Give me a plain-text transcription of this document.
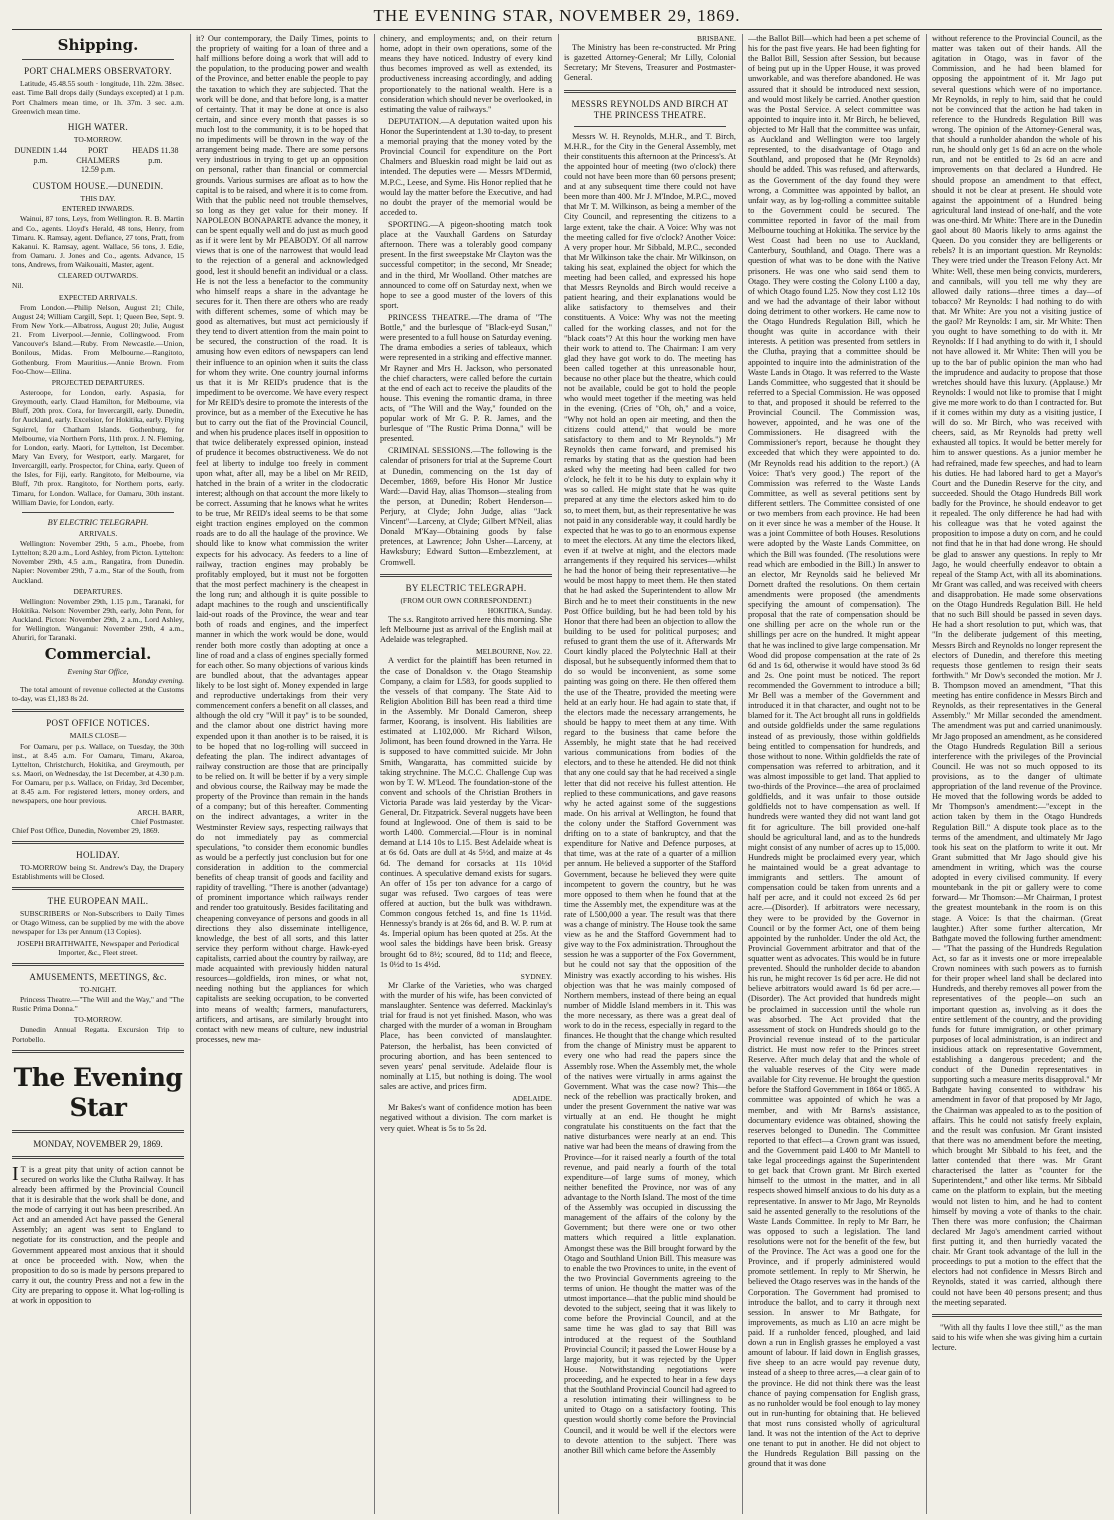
THE EVENING STAR, NOVEMBER 29, 1869.
Shipping.
PORT CHALMERS OBSERVATORY.

Latitude, 45.48.55 south · longitude, 11h. 22m. 38sec. east. Time Ball drops daily (Sundays excepted) at 1 p.m. Port Chalmers mean time, or 1h. 37m. 3 sec. a.m. Greenwich mean time.

HIGH WATER.
TO-MORROW.
DUNEDIN 1.44 p.m.
PORT CHALMERS 12.59 p.m.
HEADS 11.38 p.m.
CUSTOM HOUSE.—DUNEDIN.
THIS DAY.
ENTERED INWARDS.

Wainui, 87 tons, Leys, from Wellington. R. B. Martin and Co., agents. Lloyd's Herald, 48 tons, Henry, from Timaru. K. Ramsay, agent. Defiance, 27 tons, Pratt, from Kakanui. K. Ramsay, agent. Wallace, 56 tons, J. Edie, from Oamaru. J. Jones and Co., agents. Advance, 15 tons, Andrews, from Waikouaiti, Master, agent.

CLEARED OUTWARDS.

Nil.

EXPECTED ARRIVALS.

From London.—Philip Nelson, August 21; Chile, August 24; William Cargill, Sept. 1; Queen Bee, Sept. 9. From New York.—Albatross, August 20; Julie, August 21. From Liverpool.—Jennie, Collingwood. From Vancouver's Island.—Ruby. From Newcastle.—Union, Bonilous, Midas. From Melbourne.—Rangitoto, Gothenburg. From Mauritius.—Annie Brown. From Foo-Chow—Ellina.

PROJECTED DEPARTURES.

Asteroope, for London, early. Aspasia, for Greymouth, early. Claud Hamilton, for Melbourne, via Bluff, 20th prox. Cora, for Invercargill, early. Dunedin, for Auckland, early. Excelsior, for Hokitika, early. Flying Squirrel, for Chatham Islands. Gothenburg, for Melbourne, via Northern Ports, 11th prox. J. N. Fleming, for London, early. Maori, for Lyttelton, 1st December. Mary Van Every, for Westport, early. Margaret, for Invercargill, early. Prospector, for China, early. Queen of the Isles, for Fiji, early. Rangitoto, for Melbourne, via Bluff, 7th prox. Rangitoto, for Northern ports, early. Timaru, for London. Wallace, for Oamaru, 30th instant. William Davie, for London, early.

BY ELECTRIC TELEGRAPH.
ARRIVALS.

Wellington: November 29th, 5 a.m., Phoebe, from Lyttelton; 8.20 a.m., Lord Ashley, from Picton. Lyttelton: November 29th, 4.5 a.m., Rangatira, from Dunedin. Napier: November 29th, 7 a.m., Star of the South, from Auckland.

DEPARTURES.

Wellington: November 29th, 1.15 p.m., Taranaki, for Hokitika. Nelson: November 29th, early, John Penn, for Auckland. Picton: November 29th, 2 a.m., Lord Ashley, for Wellington. Wanganui: November 29th, 4 a.m., Ahuriri, for Taranaki.

Commercial.
Evening Star Office,
Monday evening.

The total amount of revenue collected at the Customs to-day, was £1,183 8s 2d.

POST OFFICE NOTICES.
MAILS CLOSE—

For Oamaru, per p.s. Wallace, on Tuesday, the 30th inst., at 8.45 a.m. For Oamaru, Timaru, Akaroa, Lyttelton, Christchurch, Hokitika, and Greymouth, per s.s. Maori, on Wednesday, the 1st December, at 4.30 p.m. For Oamaru, per p.s. Wallace, on Friday, 3rd December, at 8.45 a.m. For registered letters, money orders, and newspapers, one hour previous.

ARCH. BARR,
Chief Postmaster.
Chief Post Office, Dunedin, November 29, 1869.
HOLIDAY.

TO-MORROW being St. Andrew's Day, the Drapery Establishments will be Closed.

THE EUROPEAN MAIL.

SUBSCRIBERS or Non-Subscribers to Daily Times or Otago Witness, can be supplied by me with the above newspaper for 13s per Annum (13 Copies).

JOSEPH BRAITHWAITE, Newspaper and Periodical Importer, &c., Fleet street.
AMUSEMENTS, MEETINGS, &c.
TO-NIGHT.

Princess Theatre.—"The Will and the Way," and "The Rustic Prima Donna."

TO-MORROW.

Dunedin Annual Regatta. Excursion Trip to Portobello.

The Evening Star
MONDAY, NOVEMBER 29, 1869.

IT is a great pity that unity of action cannot be secured on works like the Clutha Railway. It has already been affirmed by the Provincial Council that it is desirable that the work shall be done, and the mode of carrying it out has been prescribed. An Act and an amended Act have passed the General Assembly; an agent was sent to England to negotiate for its construction, and the people and Government appeared most anxious that it should at once be proceeded with. Now, when the proposition to do so is made by persons prepared to carry it out, the country Press and not a few in the City are preparing to oppose it. What log-rolling is at work in opposition to

it? Our contemporary, the Daily Times, points to the propriety of waiting for a loan of three and a half millions before doing a work that will add to the population, to the producing power and wealth of the Province, and better enable the people to pay the taxation to which they are subjected. That the work will be done, and that before long, is a matter of certainty. That it may be done at once is also certain, and since every month that passes is so much lost to the community, it is to be hoped that no impediments will be thrown in the way of the arrangement being made. There are some persons very industrious in trying to get up an opposition on personal, rather than financial or commercial grounds. Various surmises are afloat as to how the capital is to be raised, and where it is to come from. With that the public need not trouble themselves, so long as they get value for their money. If NAPOLEON BONAPARTE advance the money, it can be spent equally well and do just as much good as if it were lent by Mr PEABODY. Of all narrow views that is one of the narrowest that would lead to the rejection of a general and acknowledged good, lest it should benefit an individual or a class. He is not the less a benefactor to the community who himself reaps a share in the advantage he secures for it. Then there are others who are ready with different schemes, some of which may be good as alternatives, but must act perniciously if they tend to divert attention from the main point to be secured, the construction of the road. It is amusing how even editors of newspapers can lend their influence to an opinion when it suits the class for whom they write. One country journal informs us that it is Mr REID's prudence that is the impediment to be overcome. We have every respect for Mr REID's desire to promote the interests of the province, but as a member of the Executive he has but to carry out the fiat of the Provincial Council, and when his prudence places itself in opposition to that twice deliberately expressed opinion, instead of prudence it becomes obstructiveness. We do not feel at liberty to indulge too freely in comment upon what, after all, may be a libel on Mr REID, hatched in the brain of a writer in the clodocratic interest; although on that account the more likely to be correct. Assuming that he knows what he writes to be true, Mr REID's ideal seems to be that some eight traction engines employed on the common roads are to do all the haulage of the province. We should like to know what commission the writer expects for his advocacy. As feeders to a line of railway, traction engines may probably be profitably employed, but it must not be forgotten that the most perfect machinery is the cheapest in the long run; and although it is quite possible to adapt machines to the rough and unscientifically laid-out roads of the Province, the wear and tear both of roads and engines, and the imperfect manner in which the work would be done, would render both more costly than adopting at once a line of road and a class of engines specially formed for each other. So many objections of various kinds are bundled about, that the advantages appear likely to be lost sight of. Money expended in large and reproductive undertakings from their very commencement confers a benefit on all classes, and although the old cry "Will it pay" is to be sounded, and the clamor about one district having more expended upon it than another is to be raised, it is to be hoped that no log-rolling will succeed in defeating the plan. The indirect advantages of railway construction are those that are principally to be relied on. It will be better if by a very simple and obvious course, the Railway may be made the property of the Province than remain in the hands of a company; but of this hereafter. Commenting on the indirect advantages, a writer in the Westminster Review says, respecting railways that do not immediately pay as commercial speculations, "to consider them economic bundles as would be a perfectly just conclusion but for one consideration in addition to the commercial benefits of cheap transit of goods and facility and rapidity of travelling. "There is another (advantage) of prominent importance which railways render and render too gratuitously. Besides facilitating and cheapening conveyance of persons and goods in all directions they also disseminate intelligence, knowledge, the best of all sorts, and this latter service they perform without charge. Hawk-eyed capitalists, carried about the country by railway, are made acquainted with previously hidden natural resources—goldfields, iron mines, or what not, needing nothing but the appliances for which capitalists are seeking occupation, to be converted into means of wealth; farmers, manufacturers, artificers, and artisans, are similarly brought into contact with new means of culture, new industrial processes, new ma-

chinery, and employments; and, on their return home, adopt in their own operations, some of the means they have noticed. Industry of every kind thus becomes improved as well as extended, its productiveness increasing accordingly, and adding proportionately to the national wealth. Here is a consideration which should never be overlooked, in estimating the value of railways."

DEPUTATION.—A deputation waited upon his Honor the Superintendent at 1.30 to-day, to present a memorial praying that the money voted by the Provincial Council for expenditure on the Port Chalmers and Blueskin road might be laid out as intended. The deputies were — Messrs M'Dermid, M.P.C., Leese, and Syme. His Honor replied that he would lay the matter before the Executive, and had no doubt the prayer of the memorial would be acceded to.

SPORTING.—A pigeon-shooting match took place at the Vauxhall Gardens on Saturday afternoon. There was a tolerably good company present. In the first sweepstake Mr Clayton was the successful competitor; in the second, Mr Sneade; and in the third, Mr Woolland. Other matches are announced to come off on Saturday next, when we hope to see a good muster of the lovers of this sport.

PRINCESS THEATRE.—The drama of "The Bottle," and the burlesque of "Black-eyd Susan," were presented to a full house on Saturday evening. The drama embodies a series of tableaux, which were represented in a striking and effective manner. Mr Rayner and Mrs H. Jackson, who personated the chief characters, were called before the curtain at the end of each act to receive the plaudits of the house. This evening the romantic drama, in three acts, of "The Will and the Way," founded on the popular work of Mr G. P. R. James, and the burlesque of "The Rustic Prima Donna," will be presented.

CRIMINAL SESSIONS.—The following is the calendar of prisoners for trial at the Supreme Court at Dunedin, commencing on the 1st day of December, 1869, before His Honor Mr Justice Ward:—David Hay, alias Thomson—stealing from the person, at Dunedin; Robert Henderson—Perjury, at Clyde; John Judge, alias "Jack Vincent"—Larceny, at Clyde; Gilbert M'Neil, alias Donald M'Kay—Obtaining goods by false pretences, at Lawrence; John Usher—Larceny, at Hawksbury; Edward Sutton—Embezzlement, at Cromwell.

BY ELECTRIC TELEGRAPH.
(FROM OUR OWN CORRESPONDENT.)
HOKITIKA, Sunday.

The s.s. Rangitoto arrived here this morning. She left Melbourne just as arrival of the English mail at Adelaide was telegraphed.

MELBOURNE, Nov. 22.

A verdict for the plaintiff has been returned in the case of Donaldson v. the Otago Steamship Company, a claim for L583, for goods supplied to the vessels of that company. The State Aid to Religion Abolition Bill has been read a third time in the Assembly. Mr Donald Cameron, sheep farmer, Koorang, is insolvent. His liabilities are estimated at L102,000. Mr Richard Wilson, Jolimont, has been found drowned in the Yarra. He is supposed to have committed suicide. Mr John Smith, Wangaratta, has committed suicide by taking strychnine. The M.C.C. Challenge Cup was won by T. W. M'Leod. The foundation-stone of the convent and schools of the Christian Brothers in Victoria Parade was laid yesterday by the Vicar-General, Dr. Fitzpatrick. Several nuggets have been found at Inglewood. One of them is said to be worth L400. Commercial.—Flour is in nominal demand at L14 10s to L15. Best Adelaide wheat is at 6s 6d. Oats are dull at 4s 5½d, and maize at 4s 6d. The demand for corsacks at 11s 10½d continues. A speculative demand exists for sugars. An offer of 15s per ton advance for a cargo of sugar was refused. Two cargoes of teas were offered at auction, but the bulk was withdrawn. Common congous fetched 1s, and fine 1s 11½d. Hennessy's brandy is at 26s 6d, and B. W. P. rum at 4s. Imperial opium has been quoted at 25s. At the wool sales the biddings have been brisk. Greasy brought 6d to 8½; scoured, 8d to 11d; and fleece, 1s 0½d to 1s 4½d.

SYDNEY.

Mr Clarke of the Varieties, who was charged with the murder of his wife, has been convicted of manslaughter. Sentence was deferred. Mackinlay's trial for fraud is not yet finished. Mason, who was charged with the murder of a woman in Brougham Place, has been convicted of manslaughter. Paterson, the herbalist, has been convicted of procuring abortion, and has been sentenced to seven years' penal servitude. Adelaide flour is nominally at L15, but nothing is doing. The wool sales are active, and prices firm.

ADELAIDE.

Mr Bakes's want of confidence motion has been negatived without a division. The corn market is very quiet. Wheat is 5s to 5s 2d.

BRISBANE.

The Ministry has been re-constructed. Mr Pring is gazetted Attorney-General; Mr Lilly, Colonial Secretary; Mr Stevens, Treasurer and Postmaster-General.

MESSRS REYNOLDS AND BIRCH AT THE PRINCESS THEATRE.

Messrs W. H. Reynolds, M.H.R., and T. Birch, M.H.R., for the City in the General Assembly, met their constituents this afternoon at the Princess's. At the appointed hour of meeting (two o'clock) there could not have been more than 60 persons present; and at any subsequent time there could not have been more than 400. Mr J. M'Indoe, M.P.C., moved that Mr T. M. Wilkinson, as being a member of the City Council, and representing the citizens to a large extent, take the chair. A Voice: Why was not the meeting called for five o'clock? Another Voice: A very proper hour. Mr Sibbald, M.P.C., seconded that Mr Wilkinson take the chair. Mr Wilkinson, on taking his seat, explained the object for which the meeting had been called, and expressed his hope that Messrs Reynolds and Birch would receive a patient hearing, and their explanations would be alike satisfactory to themselves and their constituents. A Voice: Why was not the meeting called for the working classes, and not for the "black coats"? At this hour the working men have their work to attend to. The Chairman: I am very glad they have got work to do. The meeting has been called together at this unreasonable hour, because no other place but the theatre, which could not be available, could be got to hold the people who would meet together if the meeting was held in the evening. (Cries of "Oh, oh," and a voice, "Why not hold an open air meeting, and then the citizens could attend," that would be more satisfactory to them and to Mr Reynolds.") Mr Reynolds then came forward, and premised his remarks by stating that as the question had been asked why the meeting had been called for two o'clock, he felt it to be his duty to explain why it was so called. He might state that he was quite prepared at any time the electors asked him to do so, to meet them, but, as their representative he was not paid in any considerable way, it could hardly be expected that he was to go to an enormous expense to meet the electors. At any time the electors liked, even if at twelve at night, and the electors made arrangements if they required his services—whilst he had the honor of being their representative—he would be most happy to meet them. He then stated that he had asked the Superintendent to allow Mr Birch and he to meet their constituents in the new Post Office building, but he had been told by his Honor that there had been an objection to allow the building to be used for political purposes; and refused to grant them the use of it. Afterwards Mr Court kindly placed the Polytechnic Hall at their disposal, but he subsequently informed them that to do so would be inconvenient, as some some painting was going on there. He then offered them the use of the Theatre, provided the meeting were held at an early hour. He had again to state that, if the electors made the necessary arrangements, he should be happy to meet them at any time. With regard to the business that came before the Assembly, he might state that he had received various communications from bodies of the electors, and to these he attended. He did not think that any one could say that he had received a single letter that did not receive his fullest attention. He replied to these communications, and gave reasons why he acted against some of the suggestions made. On his arrival at Wellington, he found that the colony under the Stafford Government was drifting on to a state of bankruptcy, and that the expenditure for Native and Defence purposes, at that time, was at the rate of a quarter of a million per annum. He believed a supporter of the Stafford Government, because he believed they were quite incompetent to govern the country, but he was more opposed to them when he found that at the time the Assembly met, the expenditure was at the rate of L500,000 a year. The result was that there was a change of ministry. The House took the same view as he and the Stafford Government had to give way to the Fox administration. Throughout the session he was a supporter of the Fox Government, but he could not say that the opposition of the Ministry was exactly according to his wishes. His objection was that he was mainly composed of Northern members, instead of there being an equal number of Middle Island members in it. This was the more necessary, as there was a great deal of work to do in the recess, especially in regard to the finances. He thought that the change which resulted from the change of Ministry must be apparent to every one who had read the papers since the Assembly rose. When the Assembly met, the whole of the natives were virtually in arms against the Government. What was the case now? This—the neck of the rebellion was practically broken, and under the present Government the native war was virtually at an end. He thought he might congratulate his constituents on the fact that the native disturbances were nearly at an end. This native war had been the means of drawing from the Province—for it raised nearly a fourth of the total revenue, and paid nearly a fourth of the total expenditure—of large sums of money, which neither benefited the Province, nor was of any advantage to the North Island. The most of the time of the Assembly was occupied in discussing the management of the affairs of the colony by the Government; but there were one or two other matters which required a little explanation. Amongst these was the Bill brought forward by the Otago and Southland Union Bill. This measure was to enable the two Provinces to unite, in the event of the two Provincial Governments agreeing to the terms of union. He thought the matter was of the utmost importance—that the public mind should be devoted to the subject, seeing that it was likely to come before the Provincial Council, and at the same time he was glad to say that Bill was introduced at the request of the Southland Provincial Council; it passed the Lower House by a large majority, but it was rejected by the Upper House. Notwithstanding negotiations were proceeding, and he expected to hear in a few days that the Southland Provincial Council had agreed to a resolution intimating their willingness to be united to Otago on a satisfactory footing. This question would shortly come before the Provincial Council, and it would be well if the electors were to devote attention to the subject. There was another Bill which came before the Assembly

—the Ballot Bill—which had been a pet scheme of his for the past five years. He had been fighting for the Ballot Bill, Session after Session, but because of being put up in the Upper House, it was proved unworkable, and was therefore abandoned. He was assured that it should be introduced next session, and would most likely be carried. Another question was the Postal Service. A select committee was appointed to inquire into it. Mr Birch, he believed, objected to Mr Hall that the committee was unfair, as Auckland and Wellington were too largely represented, to the disadvantage of Otago and Southland, and proposed that he (Mr Reynolds) should be added. This was refused, and afterwards, as the Government of the day found they were wrong, a Committee was appointed by ballot, an unfair way, as by log-rolling a committee suitable to the Government could be secured. The committee reported in favor of the mail from Melbourne touching at Hokitika. The service by the West Coast had been no use to Auckland, Canterbury, Southland, and Otago. There was a question of what was to be done with the Native prisoners. He was one who said send them to Otago. They were costing the Colony L100 a day, of which Otago found L25. Now they cost L12 10s and we had the advantage of their labor without doing detriment to other workers. He came now to the Otago Hundreds Regulation Bill, which he thought was quite in accordance with their interests. A petition was presented from settlers in the Clutha, praying that a committee should be appointed to inquire into the administration of the Waste Lands in Otago. It was referred to the Waste Lands Committee, who suggested that it should be referred to a Special Commission. He was opposed to that, and proposed it should be referred to the Provincial Council. The Commission was, however, appointed, and he was one of the Commissioners. He disagreed with the Commissioner's report, because he thought they exceeded that which they were appointed to do. (Mr Reynolds read his addition to the report.) (A Voice: That's very good.) The report of the Commission was referred to the Waste Lands Committee, as well as several petitions sent by different settlers. The Committee consisted of one or two members from each province. He had been on it ever since he was a member of the House. It was a joint Committee of both Houses. Resolutions were adopted by the Waste Lands Committee, on which the Bill was founded. (The resolutions were read which are embodied in the Bill.) In answer to an elector, Mr Reynolds said he believed Mr Dornett drafted the resolutions. On them certain amendments were proposed (the amendments specifying the amount of compensation). The proposal that the rate of compensation should be one shilling per acre on the whole run or the shillings per acre on the hundred. It might appear that he was inclined to give large compensation. Mr Wood did propose compensation at the rate of 2s 6d and 1s 6d, otherwise it would have stood 3s 6d and 2s. One point must be noticed. The report recommended the Government to introduce a bill; Mr Bell was a member of the Government and introduced it in that character, and ought not to be blamed for it. The Act brought all runs in goldfields and outside goldfields under the same regulations instead of as previously, those within goldfields being entitled to compensation for hundreds, and those without to none. Within goldfields the rate of compensation was referred to arbitration, and it was almost impossible to get land. That applied to two-thirds of the Province—the area of proclaimed goldfields, and it was unfair to those outside goldfields not to have compensation as well. If hundreds were wanted they did not want land got fit for agriculture. The bill provided one-half should be agricultural land, and as to the hundreds might consist of any number of acres up to 15,000. Hundreds might be proclaimed every year, which he maintained would be a great advantage to immigrants and settlers. The amount of compensation could be taken from unrents and a half per acre, and it could not exceed 2s 6d per acre.—(Disorder). If arbitrators were necessary, they were to be provided by the Governor in Council or by the former Act, one of them being appointed by the runholder. Under the old Act, the Provincial Government arbitrator and that of the squatter went as advocates. This would be in future prevented. Should the runholder decide to abandon his run, he might recover 1s 6d per acre. He did not believe arbitrators would award 1s 6d per acre.—(Disorder). The Act provided that hundreds might be proclaimed in succession until the whole run was absorbed. The Act provided that the assessment of stock on Hundreds should go to the Provincial revenue instead of to the particular district. He must now refer to the Princes street Reserve. After much delay that and the whole of the valuable reserves of the City were made available for City revenue. He brought the question before the Stafford Government in 1864 or 1865. A committee was appointed of which he was a member, and with Mr Barns's assistance, documentary evidence was obtained, showing the reserves belonged to Dunedin. The Committee reported to that effect—a Crown grant was issued, and the Government paid L400 to Mr Mantell to take legal proceedings against the Superintendent to get back that Crown grant. Mr Birch exerted himself to the utmost in the matter, and in all respects showed himself anxious to do his duty as a representative. In answer to Mr Jago, Mr Reynolds said he assented generally to the resolutions of the Waste Lands Committee. In reply to Mr Barr, he was opposed to such a legislation. The land resolutions were not for the benefit of the few, but of the Province. The Act was a good one for the Province, and if properly administered would promote settlement. In reply to Mr Sherwin, he believed the Otago reserves was in the hands of the Corporation. The Government had promised to introduce the ballot, and to carry it through next session. In answer to Mr Bathgate, for improvements, as much as L10 an acre might be paid. If a runholder fenced, ploughed, and laid down a run in English grasses he employed a vast amount of labour. If laid down in English grasses, five sheep to an acre would pay revenue duty, instead of a sheep to three acres,—a clear gain of to the province. He did not think there was the least chance of paying compensation for English grass, as no runholder would be fool enough to lay money out in run-hunting for obtaining that. He believed that most runs consisted wholly of agricultural land. It was not the intention of the Act to deprive one tenant to put in another. He did not object to the Hundreds Regulation Bill passing on the ground that it was done

without reference to the Provincial Council, as the matter was taken out of their hands. All the agitation in Otago, was in favor of the Commission, and he had been blamed for opposing the appointment of it. Mr Jago put several questions which were of no importance. Mr Reynolds, in reply to him, said that he could not be convinced that the action he had taken in reference to the Hundreds Regulation Bill was wrong. The opinion of the Attorney-General was, that should a runholder abandon the whole of his run, he should only get 1s 6d an acre on the whole run, and not be entitled to 2s 6d an acre and improvements on that declared a Hundred. He should propose an amendment to that effect, should it not be clear at present. He should vote against the appointment of a Hundred being agricultural land instead of one-half, and the vote was one-third. Mr White: There are in the Dunedin gaol about 80 Maoris likely to arms against the Queen. Do you consider they are belligerents or rebels? It is an important question. Mr Reynolds: They were tried under the Treason Felony Act. Mr White: Well, these men being convicts, murderers, and cannibals, will you tell me why they are allowed daily rations—three times a day—of tobacco? Mr Reynolds: I had nothing to do with that. Mr White: Are you not a visiting justice of the gaol? Mr Reynolds: I am, sir. Mr White: Then you ought to have something to do with it. Mr Reynolds: If I had anything to do with it, I should not have allowed it. Mr White: Then will you be up to the bar of public opinion the man who had the imprudence and audacity to propose that those wretches should have this luxury. (Applause.) Mr Reynolds: I would not like to promise that I might give me more work to do than I contracted for. But if it comes within my duty as a visiting justice, I will do so. Mr Birch, who was received with cheers, said, as Mr Reynolds had pretty well exhausted all topics. It would be better merely for him to answer questions. As a junior member he had refrained, made few speeches, and had to learn his duties. He had labored hard to get a Mayor's Court and the Dunedin Reserve for the city, and succeeded. Should the Otago Hundreds Bill work badly for the Province, he should endeavor to get it repealed. The only difference he had had with his colleague was that he voted against the proposition to impose a duty on corn, and he could not find that he in that had done wrong. He should be glad to answer any questions. In reply to Mr Jago, he would cheerfully endeavor to obtain a repeal of the Stamp Act, with all its abominations. Mr Grant was called, and was received with cheers and disapprobation. He made some observations on the Otago Hundreds Regulation Bill. He held that no such Bill should be passed in seven days. He had a short resolution to put, which was, that "In the deliberate judgement of this meeting, Messrs Birch and Reynolds no longer represent the electors of Dunedin, and therefore this meeting requests those gentlemen to resign their seats forthwith." Mr Dow's seconded the motion. Mr J. B. Thompson moved an amendment, "That this meeting has entire confidence in Messrs Birch and Reynolds, as their representatives in the General Assembly." Mr Millar seconded the amendment. The amendment was put and carried unanimously. Mr Jago proposed an amendment, as he considered the Otago Hundreds Regulation Bill a serious interference with the privileges of the Provincial Council. He was not so much opposed to its provisions, as to the danger of ultimate appropriation of the land revenue of the Province. He moved that the following words be added to Mr Thompson's amendment:—"except in the action taken by them in the Otago Hundreds Regulation Bill." A dispute took place as to the terms of the amendment, and ultimately Mr Jago took his seat on the platform to write it out. Mr Grant submitted that Mr Jago should give his amendment in writing, which was the course adopted in every civilised community. If every mountebank in the pit or gallery were to come forward— Mr Thomson:—Mr Chairman, I protest the greatest mountebank in the room is on this stage. A Voice: Is that the chairman. (Great laughter.) After some further altercation, Mr Bathgate moved the following further amendment:— "That the passing of the Hundreds Regulation Act, so far as it invests one or more irrepealable Crown nominees with such powers as to furnish for their proper wheel land shall be declared into Hundreds, and thereby removes all power from the representatives of the people—on such an important question as, involving as it does the entire settlement of the country, and the providing funds for future immigration, or other primary purposes of local administration, is an indirect and insidious attack on representative Government, establishing a dangerous precedent; and the conduct of the Dunedin representatives in supporting such a measure merits disapproval." Mr Bathgate having consented to withdraw his amendment in favor of that proposed by Mr Jago, the Chairman was appealed to as to the position of affairs. This he could not satisfy freely explain, and the result was confusion. Mr Grant insisted that there was no amendment before the meeting, which brought Mr Sibbald to his feet, and the latter contended that there was. Mr Grant characterised the latter as "counter for the Superintendent," and other like terms. Mr Sibbald came on the platform to explain, but the meeting would not listen to him, and he had to content himself by moving a vote of thanks to the chair. Then there was more confusion; the Chairman declared Mr Jago's amendment carried without first putting it, and then hurriedly vacated the chair. Mr Grant took advantage of the lull in the proceedings to put a motion to the effect that the electors had not confidence in Messrs Birch and Reynolds, stated it was carried, although there could not have been 40 persons present; and thus the meeting separated.

"With all thy faults I love thee still," as the man said to his wife when she was giving him a curtain lecture.
